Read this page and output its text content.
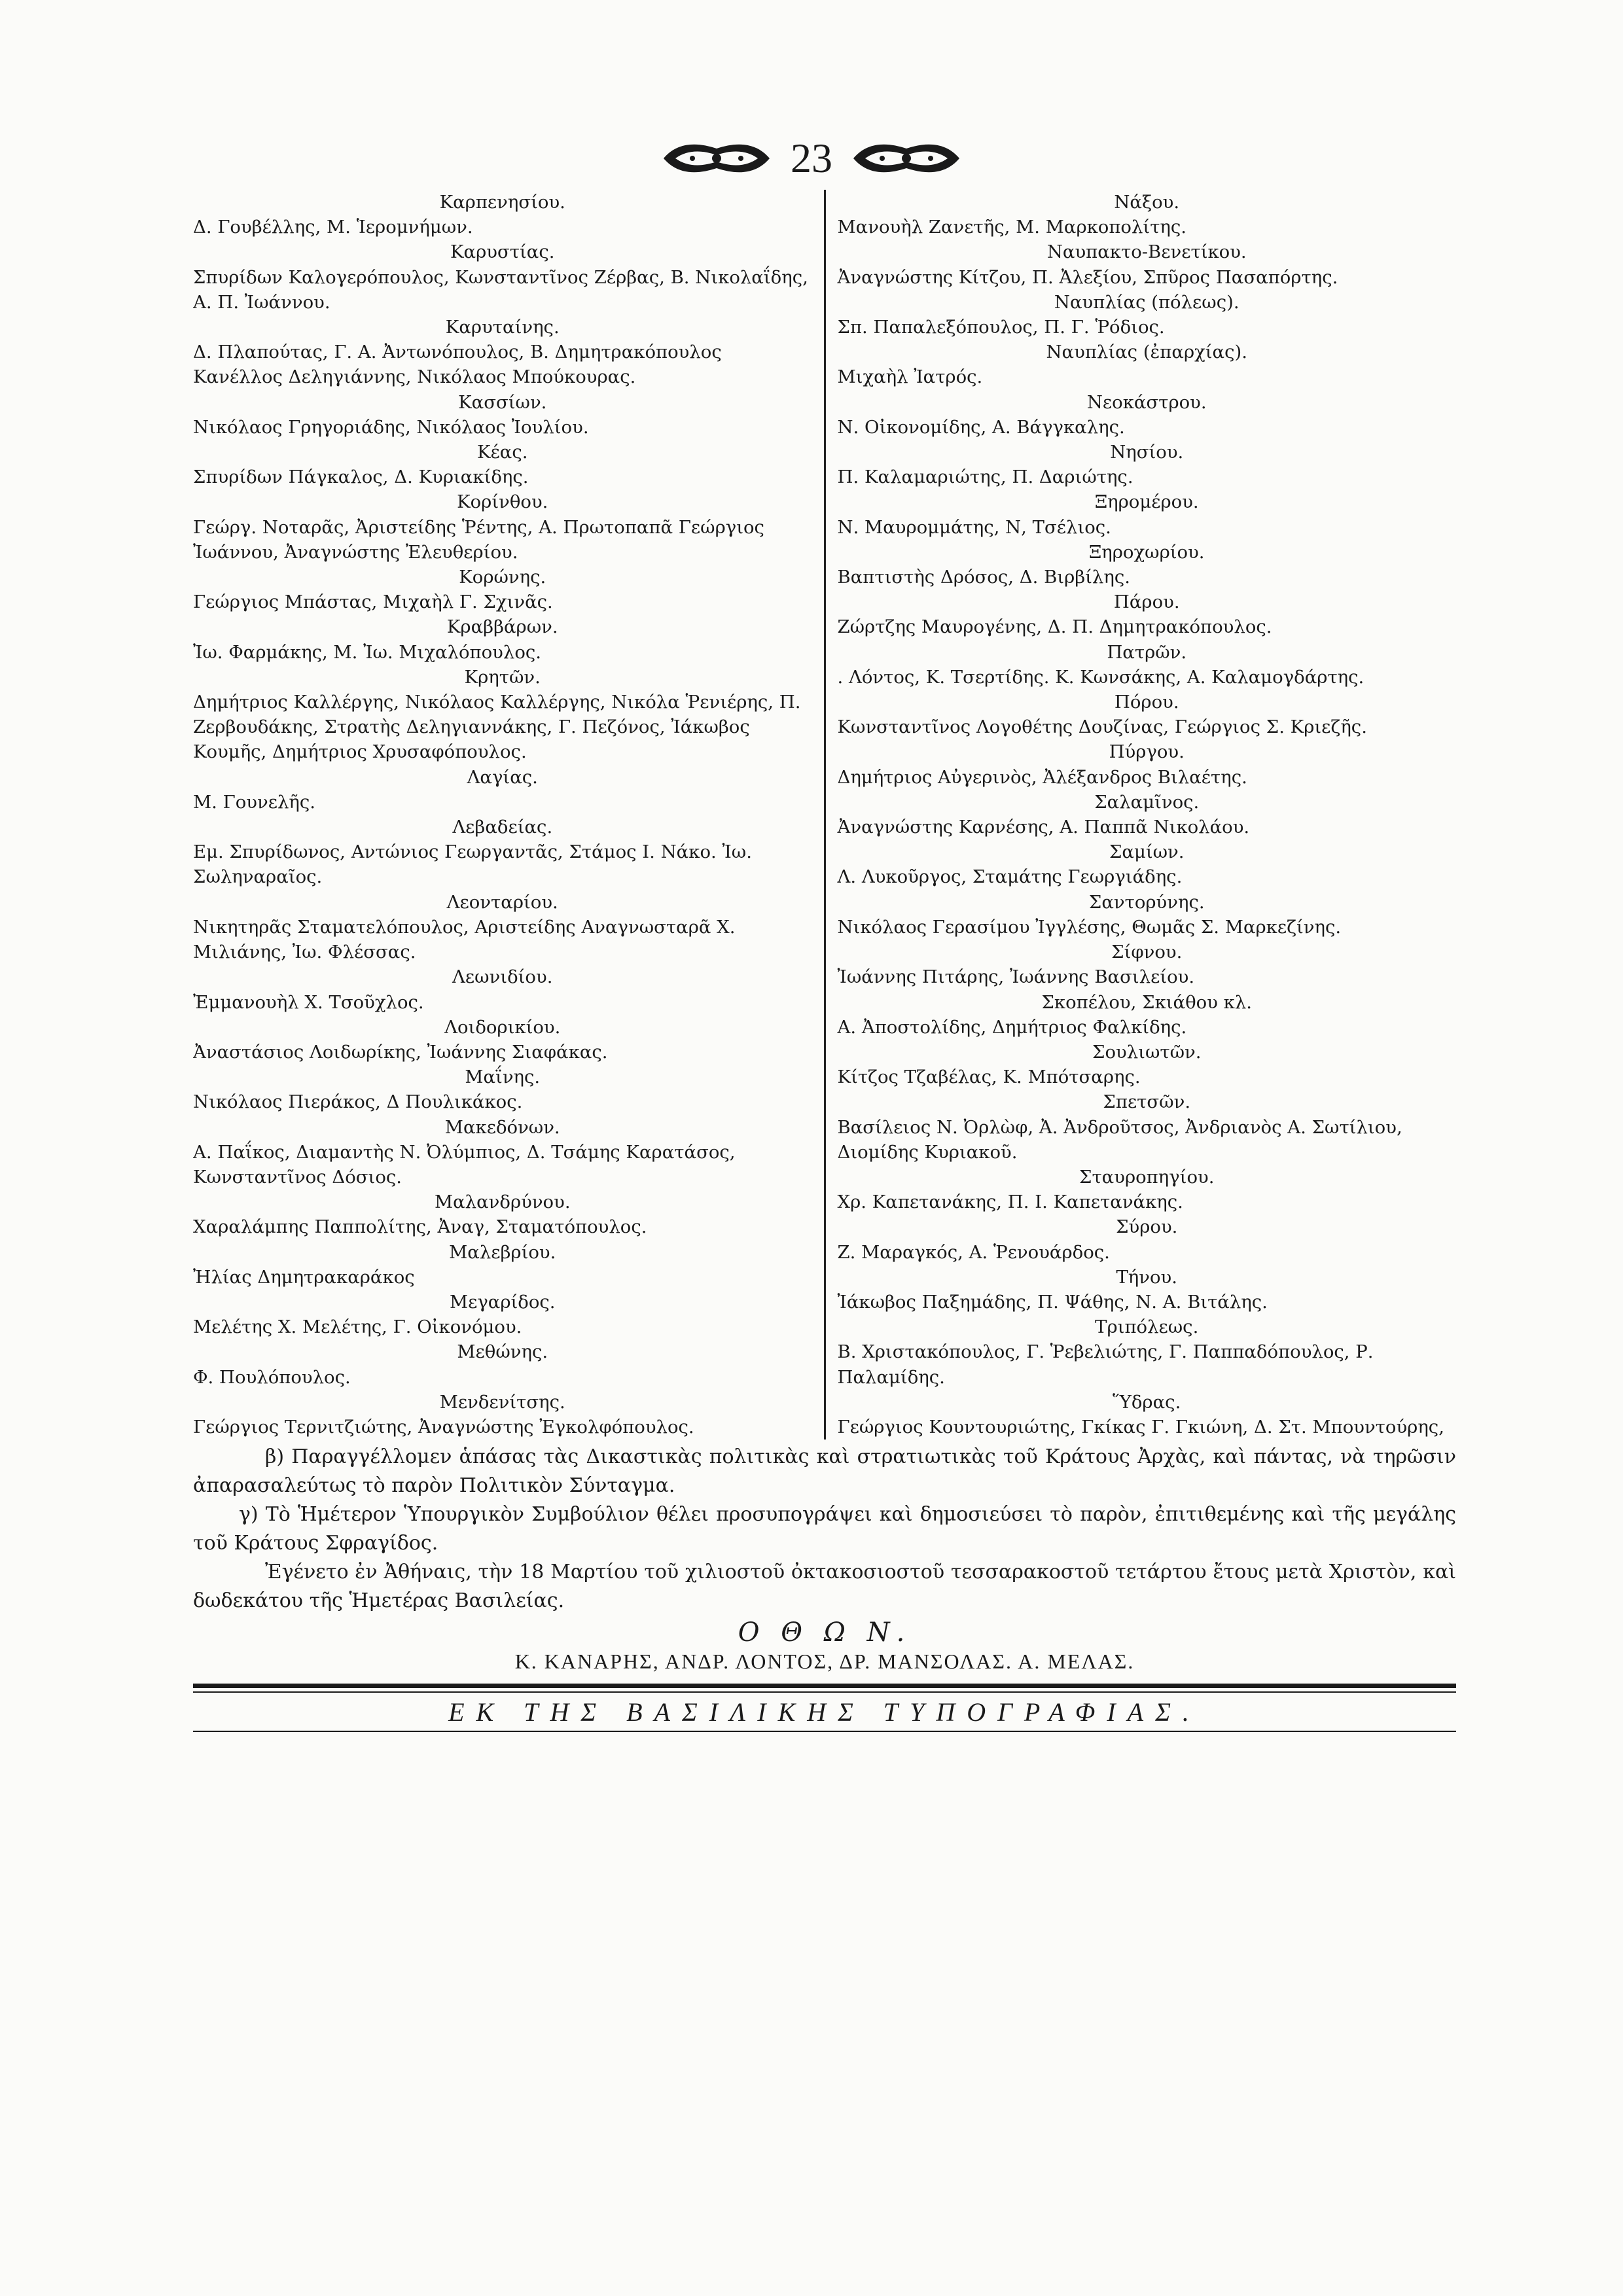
23

Καρπενησίου.

Δ. Γουβέλλης, Μ. Ἱερομνήμων.

Καρυστίας.

Σπυρίδων Καλογερόπουλος, Κωνσταντῖνος Ζέρβας, Β. Νικολαΐδης, Α. Π. Ἰωάννου.

Καρυταίνης.

Δ. Πλαπούτας, Γ. Α. Ἀντωνόπουλος, Β. Δημητρακόπουλος Κανέλλος Δεληγιάννης, Νικόλαος Μπούκουρας.

Κασσίων.

Νικόλαος Γρηγοριάδης, Νικόλαος Ἰουλίου.

Κέας.

Σπυρίδων Πάγκαλος, Δ. Κυριακίδης.

Κορίνθου.

Γεώργ. Νοταρᾶς, Ἀριστείδης Ῥέντης, Α. Πρωτοπαπᾶ Γεώργιος Ἰωάννου, Ἀναγνώστης Ἐλευθερίου.

Κορώνης.

Γεώργιος Μπάστας, Μιχαὴλ Γ. Σχινᾶς.

Κραββάρων.

Ἰω. Φαρμάκης, Μ. Ἰω. Μιχαλόπουλος.

Κρητῶν.

Δημήτριος Καλλέργης, Νικόλαος Καλλέργης, Νικόλα Ῥενιέρης, Π. Ζερβουδάκης, Στρατὴς Δεληγιαννάκης, Γ. Πεζόνος, Ἰάκωβος Κουμῆς, Δημήτριος Χρυσαφόπουλος.

Λαγίας.

Μ. Γουνελῆς.

Λεβαδείας.

Εμ. Σπυρίδωνος, Αντώνιος Γεωργαντᾶς, Στάμος Ι. Νάκο. Ἰω. Σωληναραῖος.

Λεονταρίου.

Νικητηρᾶς Σταματελόπουλος, Αριστείδης Αναγνωσταρᾶ Χ. Μιλιάνης, Ἰω. Φλέσσας.

Λεωνιδίου.

Ἐμμανουὴλ Χ. Τσοῦχλος.

Λοιδορικίου.

Ἀναστάσιος Λοιδωρίκης, Ἰωάννης Σιαφάκας.

Μαΐνης.

Νικόλαος Πιεράκος, Δ Πουλικάκος.

Μακεδόνων.

Α. Παΐκος, Διαμαντὴς Ν. Ὀλύμπιος, Δ. Τσάμης Καρατάσος, Κωνσταντῖνος Δόσιος.

Μαλανδρύνου.

Χαραλάμπης Παππολίτης, Ἀναγ, Σταματόπουλος.

Μαλεβρίου.

Ἠλίας Δημητρακαράκος

Μεγαρίδος.

Μελέτης Χ. Μελέτης, Γ. Οἰκονόμου.

Μεθώνης.

Φ. Πουλόπουλος.

Μενδενίτσης.

Γεώργιος Τερνιτζιώτης, Ἀναγνώστης Ἐγκολφόπουλος.

Νάξου.

Μανουὴλ Ζανετῆς, Μ. Μαρκοπολίτης.

Ναυπακτο-Βενετίκου.

Ἀναγνώστης Κίτζου, Π. Ἀλεξίου, Σπῦρος Πασαπόρτης.

Ναυπλίας (πόλεως).

Σπ. Παπαλεξόπουλος, Π. Γ. Ῥόδιος.

Ναυπλίας (ἐπαρχίας).

Μιχαὴλ Ἰατρός.

Νεοκάστρου.

Ν. Οἰκονομίδης, Α. Βάγγκαλης.

Νησίου.

Π. Καλαμαριώτης, Π. Δαριώτης.

Ξηρομέρου.

Ν. Μαυρομμάτης, Ν, Τσέλιος.

Ξηροχωρίου.

Βαπτιστὴς Δρόσος, Δ. Βιρβίλης.

Πάρου.

Ζώρτζης Μαυρογένης, Δ. Π. Δημητρακόπουλος.

Πατρῶν.

. Λόντος, Κ. Τσερτίδης. Κ. Κωνσάκης, Α. Καλαμογδάρτης.

Πόρου.

Κωνσταντῖνος Λογοθέτης Δουζίνας, Γεώργιος Σ. Κριεζῆς.

Πύργου.

Δημήτριος Αὐγερινὸς, Ἀλέξανδρος Βιλαέτης.

Σαλαμῖνος.

Ἀναγνώστης Καρνέσης, Α. Παππᾶ Νικολάου.

Σαμίων.

Λ. Λυκοῦργος, Σταμάτης Γεωργιάδης.

Σαντορύνης.

Νικόλαος Γερασίμου Ἰγγλέσης, Θωμᾶς Σ. Μαρκεζίνης.

Σίφνου.

Ἰωάννης Πιτάρης, Ἰωάννης Βασιλείου.

Σκοπέλου, Σκιάθου κλ.

Α. Ἀποστολίδης, Δημήτριος Φαλκίδης.

Σουλιωτῶν.

Κίτζος Τζαβέλας, Κ. Μπότσαρης.

Σπετσῶν.

Βασίλειος Ν. Ὀρλὼφ, Ἀ. Ἀνδροῦτσος, Ἀνδριανὸς Α. Σωτίλιου, Διομίδης Κυριακοῦ.

Σταυροπηγίου.

Χρ. Καπετανάκης, Π. Ι. Καπετανάκης.

Σύρου.

Ζ. Μαραγκός, Α. Ῥενουάρδος.

Τήνου.

Ἰάκωβος Παξημάδης, Π. Ψάθης, Ν. Α. Βιτάλης.

Τριπόλεως.

Β. Χριστακόπουλος, Γ. Ῥεβελιώτης, Γ. Παππαδόπουλος, Ρ. Παλαμίδης.

Ὕδρας.

Γεώργιος Κουντουριώτης, Γκίκας Γ. Γκιώνη, Δ. Στ. Μπουντούρης,

β) Παραγγέλλομεν ἁπάσας τὰς Δικαστικὰς πολιτικὰς καὶ στρατιωτικὰς τοῦ Κράτους Ἀρχὰς, καὶ πάντας, νὰ τηρῶσιν ἀπαρασαλεύτως τὸ παρὸν Πολιτικὸν Σύνταγμα.

γ) Τὸ Ἡμέτερον Ὑπουργικὸν Συμβούλιον θέλει προσυπογράψει καὶ δημοσιεύσει τὸ παρὸν, ἐπιτιθεμένης καὶ τῆς μεγάλης τοῦ Κράτους Σφραγίδος.

Ἐγένετο ἐν Ἀθήναις, τὴν 18 Μαρτίου τοῦ χιλιοστοῦ ὀκτακοσιοστοῦ τεσσαρακοστοῦ τετάρτου ἔτους μετὰ Χριστὸν, καὶ δωδεκάτου τῆς Ἡμετέρας Βασιλείας.

Ο Θ Ω Ν.

Κ. ΚΑΝΑΡΗΣ, ΑΝΔΡ. ΛΟΝΤΟΣ, ΔΡ. ΜΑΝΣΟΛΑΣ. Α. ΜΕΛΑΣ.

ΕΚ ΤΗΣ ΒΑΣΙΛΙΚΗΣ ΤΥΠΟΓΡΑΦΙΑΣ.
